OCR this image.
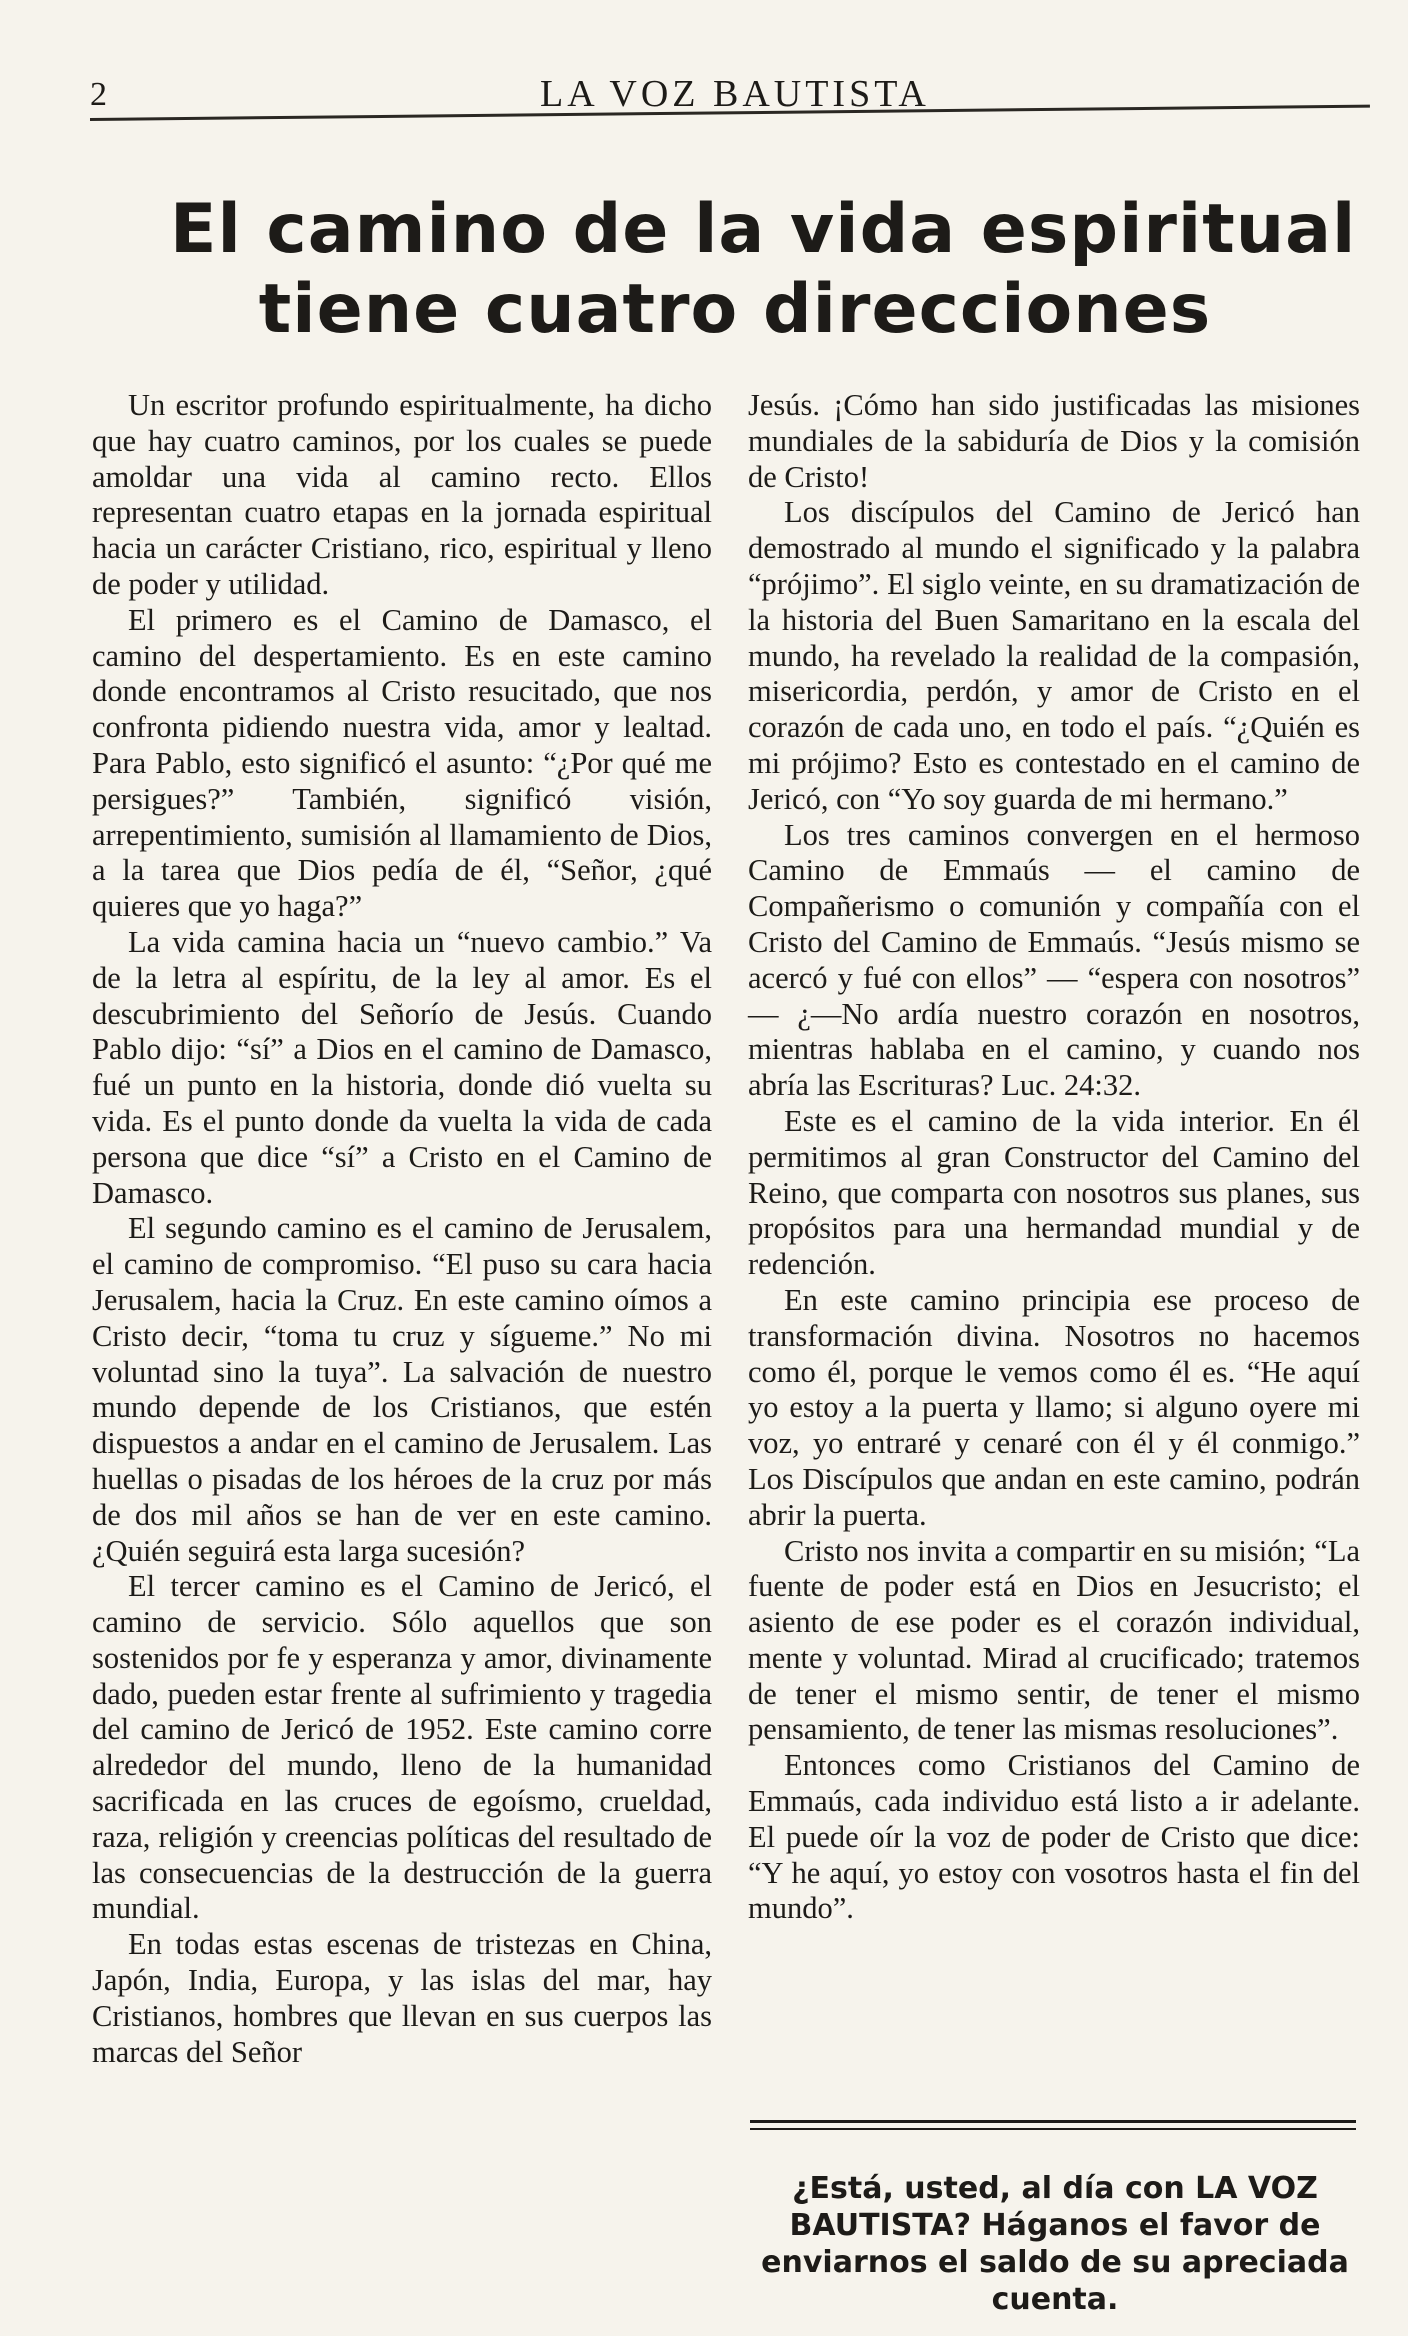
2	LA VOZ BAUTISTA
El camino de la vida espiritual
tiene cuatro direcciones

Un escritor profundo espiritualmente, ha dicho que hay cuatro caminos, por los cuales se puede amoldar una vida al camino recto. Ellos representan cuatro etapas en la jornada espiritual hacia un carácter Cristiano, rico, espiritual y lleno de poder y utilidad.

El primero es el Camino de Damasco, el camino del despertamiento. Es en este camino donde encontramos al Cristo resucitado, que nos confronta pidiendo nuestra vida, amor y lealtad. Para Pablo, esto significó el asunto: “¿Por qué me persigues?” También, significó visión, arrepentimiento, sumisión al llamamiento de Dios, a la tarea que Dios pedía de él, “Señor, ¿qué quieres que yo haga?”

La vida camina hacia un “nuevo cambio.” Va de la letra al espíritu, de la ley al amor. Es el descubrimiento del Señorío de Jesús. Cuando Pablo dijo: “sí” a Dios en el camino de Damasco, fué un punto en la historia, donde dió vuelta su vida. Es el punto donde da vuelta la vida de cada persona que dice “sí” a Cristo en el Camino de Damasco.

El segundo camino es el camino de Jerusalem, el camino de compromiso. “El puso su cara hacia Jerusalem, hacia la Cruz. En este camino oímos a Cristo decir, “toma tu cruz y sígueme.” No mi voluntad sino la tuya”. La salvación de nuestro mundo depende de los Cristianos, que estén dispuestos a andar en el camino de Jerusalem. Las huellas o pisadas de los héroes de la cruz por más de dos mil años se han de ver en este camino. ¿Quién seguirá esta larga sucesión?

El tercer camino es el Camino de Jericó, el camino de servicio. Sólo aquellos que son sostenidos por fe y esperanza y amor, divinamente dado, pueden estar frente al sufrimiento y tragedia del camino de Jericó de 1952. Este camino corre alrededor del mundo, lleno de la humanidad sacrificada en las cruces de egoísmo, crueldad, raza, religión y creencias políticas del resultado de las consecuencias de la destrucción de la guerra mundial.

En todas estas escenas de tristezas en China, Japón, India, Europa, y las islas del mar, hay Cristianos, hombres que llevan en sus cuerpos las marcas del Señor

Jesús. ¡Cómo han sido justificadas las misiones mundiales de la sabiduría de Dios y la comisión de Cristo!

Los discípulos del Camino de Jericó han demostrado al mundo el significado y la palabra “prójimo”. El siglo veinte, en su dramatización de la historia del Buen Samaritano en la escala del mundo, ha revelado la realidad de la compasión, misericordia, perdón, y amor de Cristo en el corazón de cada uno, en todo el país. “¿Quién es mi prójimo? Esto es contestado en el camino de Jericó, con “Yo soy guarda de mi hermano.”

Los tres caminos convergen en el hermoso Camino de Emmaús — el camino de Compañerismo o comunión y compañía con el Cristo del Camino de Emmaús. “Jesús mismo se acercó y fué con ellos” — “espera con nosotros” — ¿—No ardía nuestro corazón en nosotros, mientras hablaba en el camino, y cuando nos abría las Escrituras? Luc. 24:32.

Este es el camino de la vida interior. En él permitimos al gran Constructor del Camino del Reino, que comparta con nosotros sus planes, sus propósitos para una hermandad mundial y de redención.

En este camino principia ese proceso de transformación divina. Nosotros no hacemos como él, porque le vemos como él es. “He aquí yo estoy a la puerta y llamo; si alguno oyere mi voz, yo entraré y cenaré con él y él conmigo.” Los Discípulos que andan en este camino, podrán abrir la puerta.

Cristo nos invita a compartir en su misión; “La fuente de poder está en Dios en Jesucristo; el asiento de ese poder es el corazón individual, mente y voluntad. Mirad al crucificado; tratemos de tener el mismo sentir, de tener el mismo pensamiento, de tener las mismas resoluciones”.

Entonces como Cristianos del Camino de Emmaús, cada individuo está listo a ir adelante. El puede oír la voz de poder de Cristo que dice: “Y he aquí, yo estoy con vosotros hasta el fin del mundo”.

¿Está, usted, al día con LA VOZ BAUTISTA? Háganos el favor de enviarnos el saldo de su apreciada cuenta.
